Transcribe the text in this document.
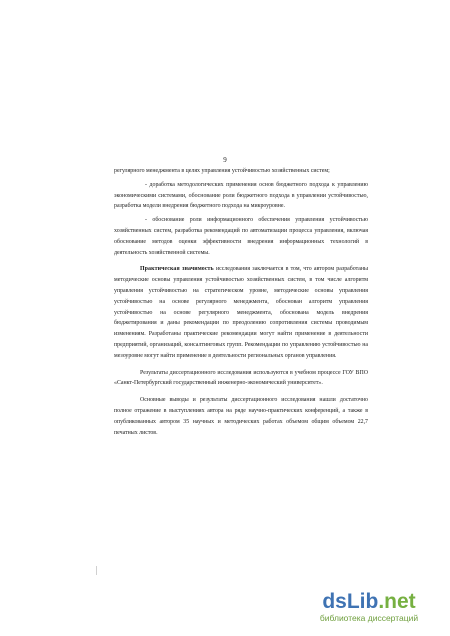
9

регулярного менеджмента в целях управления устойчивостью хозяйственных систем;

- доработка методологических применения основ бюджетного подхода к управлению экономическими системами, обоснование роли бюджетного подхода в управлении устойчивостью, разработка модели внедрения бюджетного подхода на микроуровне.

- обоснование роли информационного обеспечения управления устойчивостью хозяйственных систем, разработка рекомендаций по автоматизации процесса управления, включая обоснование методов оценки эффективности внедрения информационных технологий в деятельность хозяйственной системы.

Практическая значимость исследования заключается в том, что автором разработаны методические основы управления устойчивостью хозяйственных систем, в том числе алгоритм управления устойчивостью на стратегическом уровне, методические основы управления устойчивостью на основе регулярного менеджмента, обоснован алгоритм управления устойчивостью на основе регулярного менеджмента, обоснована модель внедрения бюджетирования и даны рекомендации по преодолению сопротивления системы проводимым изменениям. Разработаны практические рекомендации могут найти применение в деятельности предприятий, организаций, консалтинговых групп. Рекомендации по управлению устойчивостью на мезоуровне могут найти применение в деятельности региональных органов управления.

Результаты диссертационного исследования используются в учебном процессе ГОУ ВПО «Санкт-Петербургский государственный инженерно-экономический университет».

Основные выводы и результаты диссертационного исследования нашли достаточно полное отражение в выступлениях автора на ряде научно-практических конференций, а также в опубликованных автором 35 научных и методических работах объемом общим объемом 22,7 печатных листов.

dsLib.net
библиотека диссертаций
